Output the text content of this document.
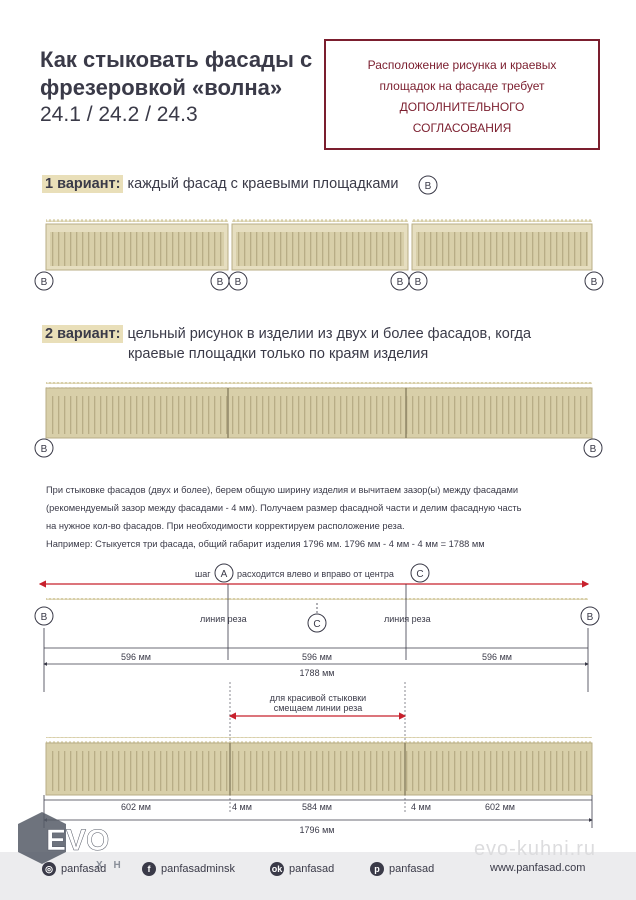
Как стыковать фасады с фрезеровкой «волна»
24.1 / 24.2 / 24.3
Расположение рисунка и краевых
площадок на фасаде требует
ДОПОЛНИТЕЛЬНОГО
СОГЛАСОВАНИЯ
1 вариант: каждый фасад с краевыми площадками
2 вариант: цельный рисунок в изделии из двух и более фасадов, когда
краевые площадки только по краям изделия
При стыковке фасадов (двух и более), берем общую ширину изделия и вычитаем зазор(ы) между фасадами
(рекомендуемый зазор между фасадами - 4 мм). Получаем размер фасадной части и делим фасадную часть
на нужное кол-во фасадов. При необходимости корректируем расположение реза.
Например: Стыкуется три фасада, общий габарит изделия 1796 мм. 1796 мм - 4 мм - 4 мм = 1788 мм
B
B	B B	B B	B
B	B
A	C
B	B
C
шаг	расходится влево и вправо от центра
линия реза	линия реза
596 мм	596 мм	596 мм
1788 мм
для красивой стыковки
смещаем линии реза
602 мм	4 мм	584 мм	4 мм	602 мм
1796 мм
evo-kuhni.ru
EVO
Х Н
◎ panfasad	f panfasadminsk	ok panfasad	p panfasad	www.panfasad.com
